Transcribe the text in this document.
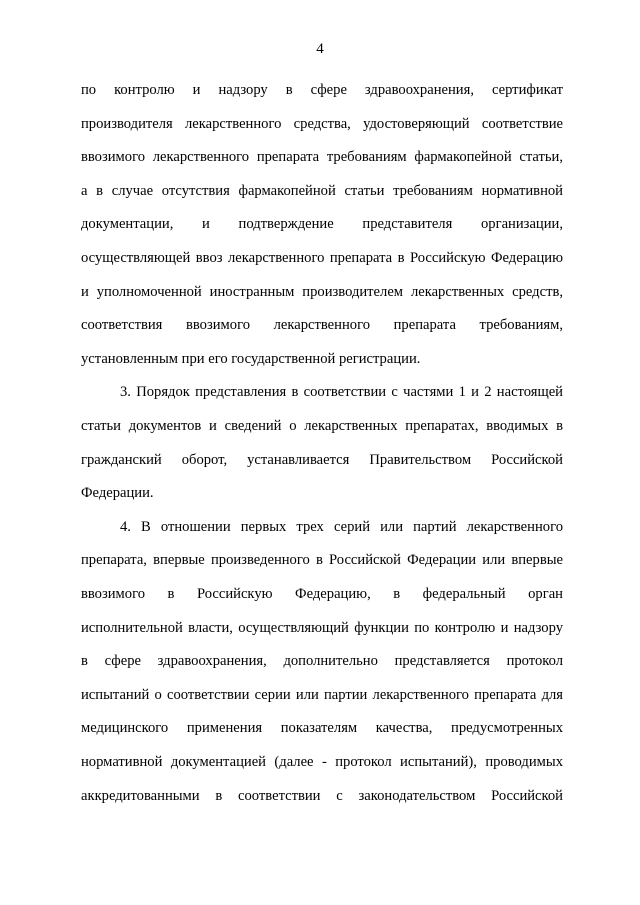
4

по контролю и надзору в сфере здравоохранения, сертификат

производителя лекарственного средства, удостоверяющий соответствие

ввозимого лекарственного препарата требованиям фармакопейной статьи,

а в случае отсутствия фармакопейной статьи требованиям нормативной

документации, и подтверждение представителя организации,

осуществляющей ввоз лекарственного препарата в Российскую Федерацию

и уполномоченной иностранным производителем лекарственных средств,

соответствия ввозимого лекарственного препарата требованиям,

установленным при его государственной регистрации.

3. Порядок представления в соответствии с частями 1 и 2 настоящей

статьи документов и сведений о лекарственных препаратах, вводимых в

гражданский оборот, устанавливается Правительством Российской

Федерации.

4. В отношении первых трех серий или партий лекарственного

препарата, впервые произведенного в Российской Федерации или впервые

ввозимого в Российскую Федерацию, в федеральный орган

исполнительной власти, осуществляющий функции по контролю и надзору

в сфере здравоохранения, дополнительно представляется протокол

испытаний о соответствии серии или партии лекарственного препарата для

медицинского применения показателям качества, предусмотренных

нормативной документацией (далее - протокол испытаний), проводимых

аккредитованными в соответствии с законодательством Российской
